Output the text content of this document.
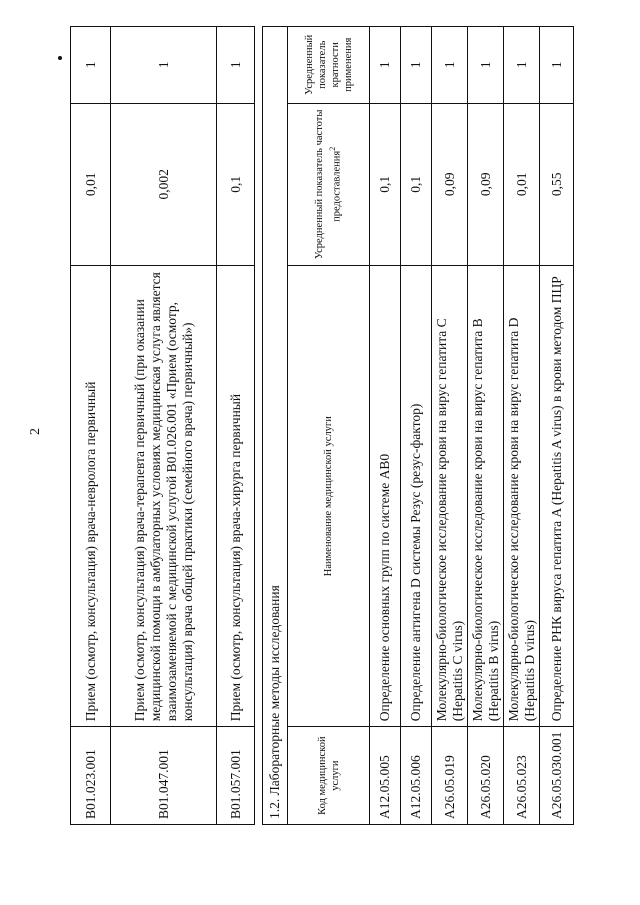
2
B01.023.001	Прием (осмотр, консультация) врача-невролога первичный	0,01	1
B01.047.001	Прием (осмотр, консультация) врача-терапевта первичный (при оказании медицинской помощи в амбулаторных условиях медицинская услуга является взаимозаменяемой с медицинской услугой B01.026.001 «Прием (осмотр, консультация) врача общей практики (семейного врача) первичный»)	0,002	1
B01.057.001	Прием (осмотр, консультация) врача-хирурга первичный	0,1	1
1.2. Лабораторные методы исследования			
Код медицинской услуги	Наименование медицинской услуги	Усредненный показатель частоты предоставления$^2$	Усредненный показатель кратности применения
A12.05.005	Определение основных групп по системе AB0	0,1	1
A12.05.006	Определение антигена D системы Резус (резус-фактор)	0,1	1
A26.05.019	Молекулярно-биологическое исследование крови на вирус гепатита C (Hepatitis C virus)	0,09	1
A26.05.020	Молекулярно-биологическое исследование крови на вирус гепатита B (Hepatitis B virus)	0,09	1
A26.05.023	Молекулярно-биологическое исследование крови на вирус гепатита D (Hepatitis D virus)	0,01	1
A26.05.030.001	Определение РНК вируса гепатита A (Hepatitis A virus) в крови методом ПЦР	0,55	1
